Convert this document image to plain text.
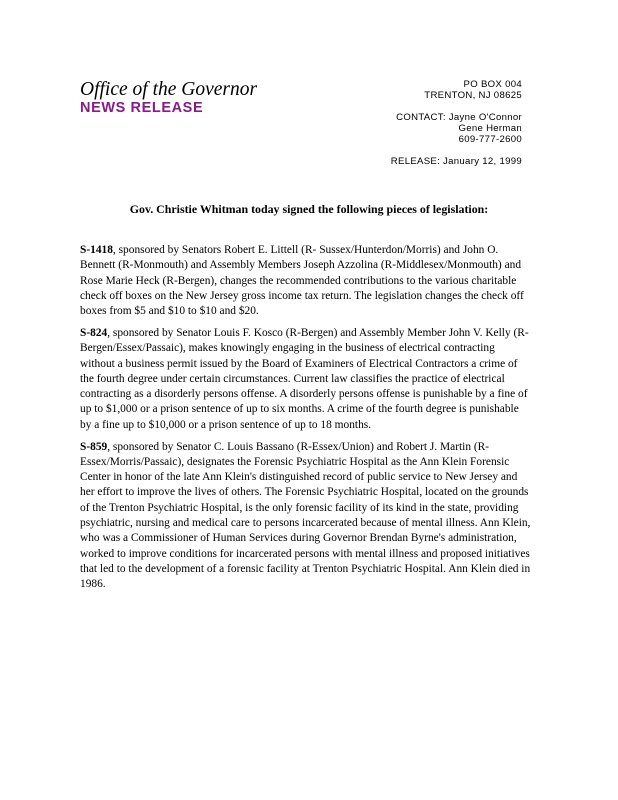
Office of the Governor
NEWS RELEASE
PO BOX 004
TRENTON, NJ 08625
CONTACT: Jayne O'Connor
Gene Herman
609-777-2600
RELEASE: January 12, 1999

Gov. Christie Whitman today signed the following pieces of legislation:

S-1418, sponsored by Senators Robert E. Littell (R- Sussex/Hunterdon/Morris) and John O. Bennett (R-Monmouth) and Assembly Members Joseph Azzolina (R-Middlesex/Monmouth) and Rose Marie Heck (R-Bergen), changes the recommended contributions to the various charitable check off boxes on the New Jersey gross income tax return. The legislation changes the check off boxes from $5 and $10 to $10 and $20.

S-824, sponsored by Senator Louis F. Kosco (R-Bergen) and Assembly Member John V. Kelly (R-Bergen/Essex/Passaic), makes knowingly engaging in the business of electrical contracting without a business permit issued by the Board of Examiners of Electrical Contractors a crime of the fourth degree under certain circumstances. Current law classifies the practice of electrical contracting as a disorderly persons offense. A disorderly persons offense is punishable by a fine of up to $1,000 or a prison sentence of up to six months. A crime of the fourth degree is punishable by a fine up to $10,000 or a prison sentence of up to 18 months.

S-859, sponsored by Senator C. Louis Bassano (R-Essex/Union) and Robert J. Martin (R-Essex/Morris/Passaic), designates the Forensic Psychiatric Hospital as the Ann Klein Forensic Center in honor of the late Ann Klein's distinguished record of public service to New Jersey and her effort to improve the lives of others. The Forensic Psychiatric Hospital, located on the grounds of the Trenton Psychiatric Hospital, is the only forensic facility of its kind in the state, providing psychiatric, nursing and medical care to persons incarcerated because of mental illness. Ann Klein, who was a Commissioner of Human Services during Governor Brendan Byrne's administration, worked to improve conditions for incarcerated persons with mental illness and proposed initiatives that led to the development of a forensic facility at Trenton Psychiatric Hospital. Ann Klein died in 1986.
